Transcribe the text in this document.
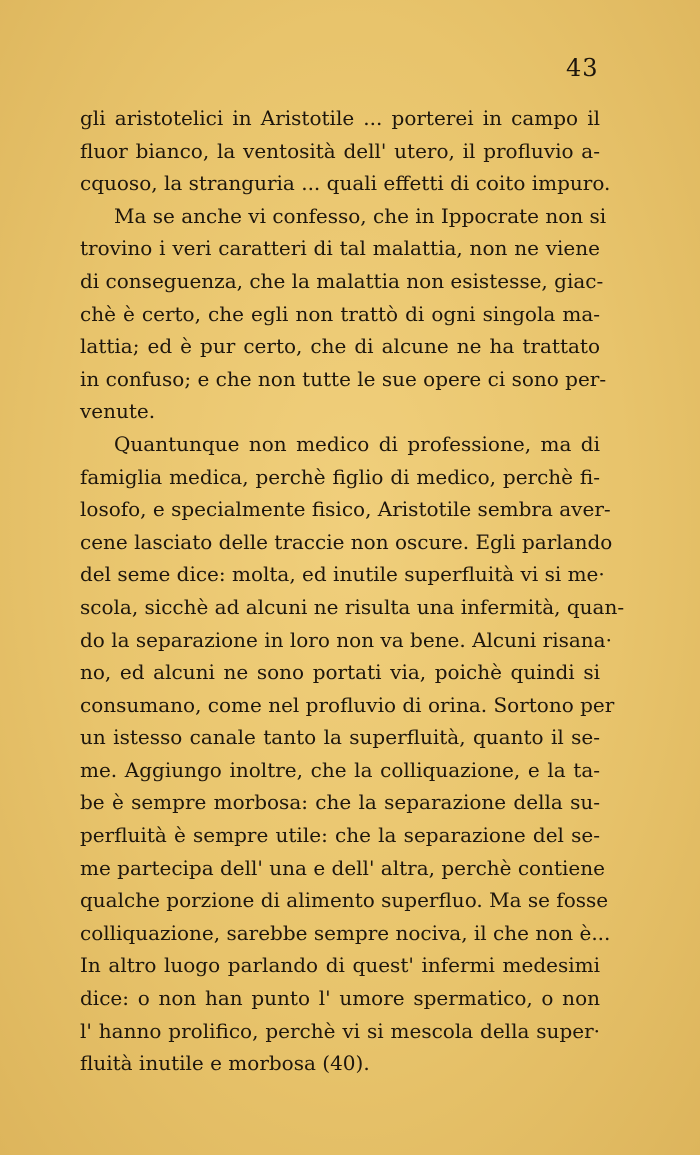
43
gli aristotelici in Aristotile ... porterei in campo il
fluor bianco, la ventosità dell' utero, il profluvio a-
cquoso, la stranguria ... quali effetti di coito impuro.
Ma se anche vi confesso, che in Ippocrate non si
trovino i veri caratteri di tal malattia, non ne viene
di conseguenza, che la malattia non esistesse, giac-
chè è certo, che egli non trattò di ogni singola ma-
lattia; ed è pur certo, che di alcune ne ha trattato
in confuso; e che non tutte le sue opere ci sono per-
venute.
Quantunque non medico di professione, ma di
famiglia medica, perchè figlio di medico, perchè fi-
losofo, e specialmente fisico, Aristotile sembra aver-
cene lasciato delle traccie non oscure. Egli parlando
del seme dice: molta, ed inutile superfluità vi si me·
scola, sicchè ad alcuni ne risulta una infermità, quan-
do la separazione in loro non va bene. Alcuni risana·
no, ed alcuni ne sono portati via, poichè quindi si
consumano, come nel profluvio di orina. Sortono per
un istesso canale tanto la superfluità, quanto il se-
me. Aggiungo inoltre, che la colliquazione, e la ta-
be è sempre morbosa: che la separazione della su-
perfluità è sempre utile: che la separazione del se-
me partecipa dell' una e dell' altra, perchè contiene
qualche porzione di alimento superfluo. Ma se fosse
colliquazione, sarebbe sempre nociva, il che non è...
In altro luogo parlando di quest' infermi medesimi
dice: o non han punto l' umore spermatico, o non
l' hanno prolifico, perchè vi si mescola della super·
fluità inutile e morbosa (40).
